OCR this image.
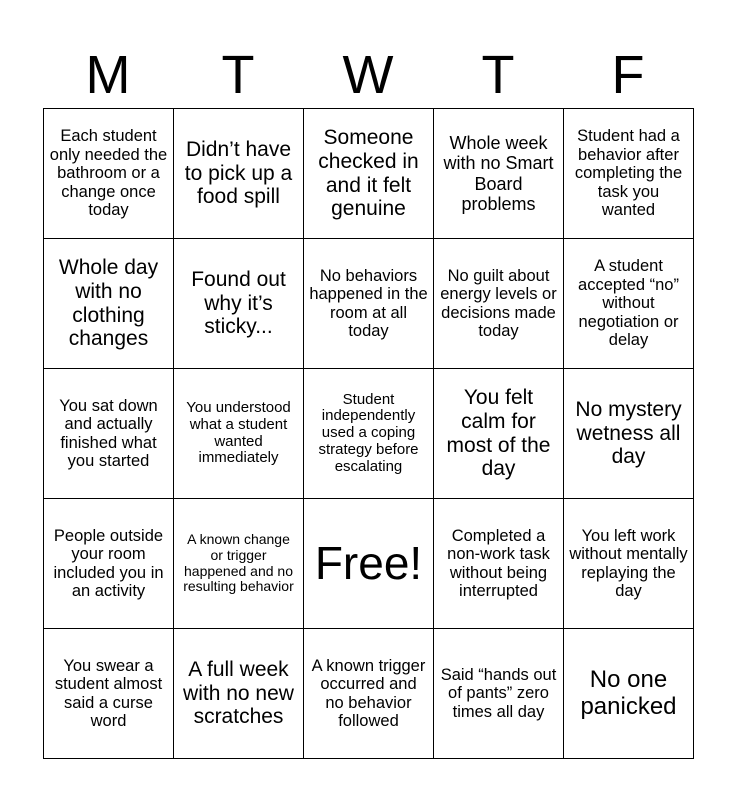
M	T	W	T	F
Each student only needed the bathroom or a change once today	Didn’t have to pick up a food spill	Someone checked in and it felt genuine	Whole week with no Smart Board problems	Student had a behavior after completing the task you wanted
Whole day with no clothing changes	Found out why it’s sticky...	No behaviors happened in the room at all today	No guilt about energy levels or decisions made today	A student accepted “no” without negotiation or delay
You sat down and actually finished what you started	You understood what a student wanted immediately	Student independently used a coping strategy before escalating	You felt calm for most of the day	No mystery wetness all day
People outside your room included you in an activity	A known change or trigger happened and no resulting behavior	Free!	Completed a non-work task without being interrupted	You left work without mentally replaying the day
You swear a student almost said a curse word	A full week with no new scratches	A known trigger occurred and no behavior followed	Said “hands out of pants” zero times all day	No one panicked
